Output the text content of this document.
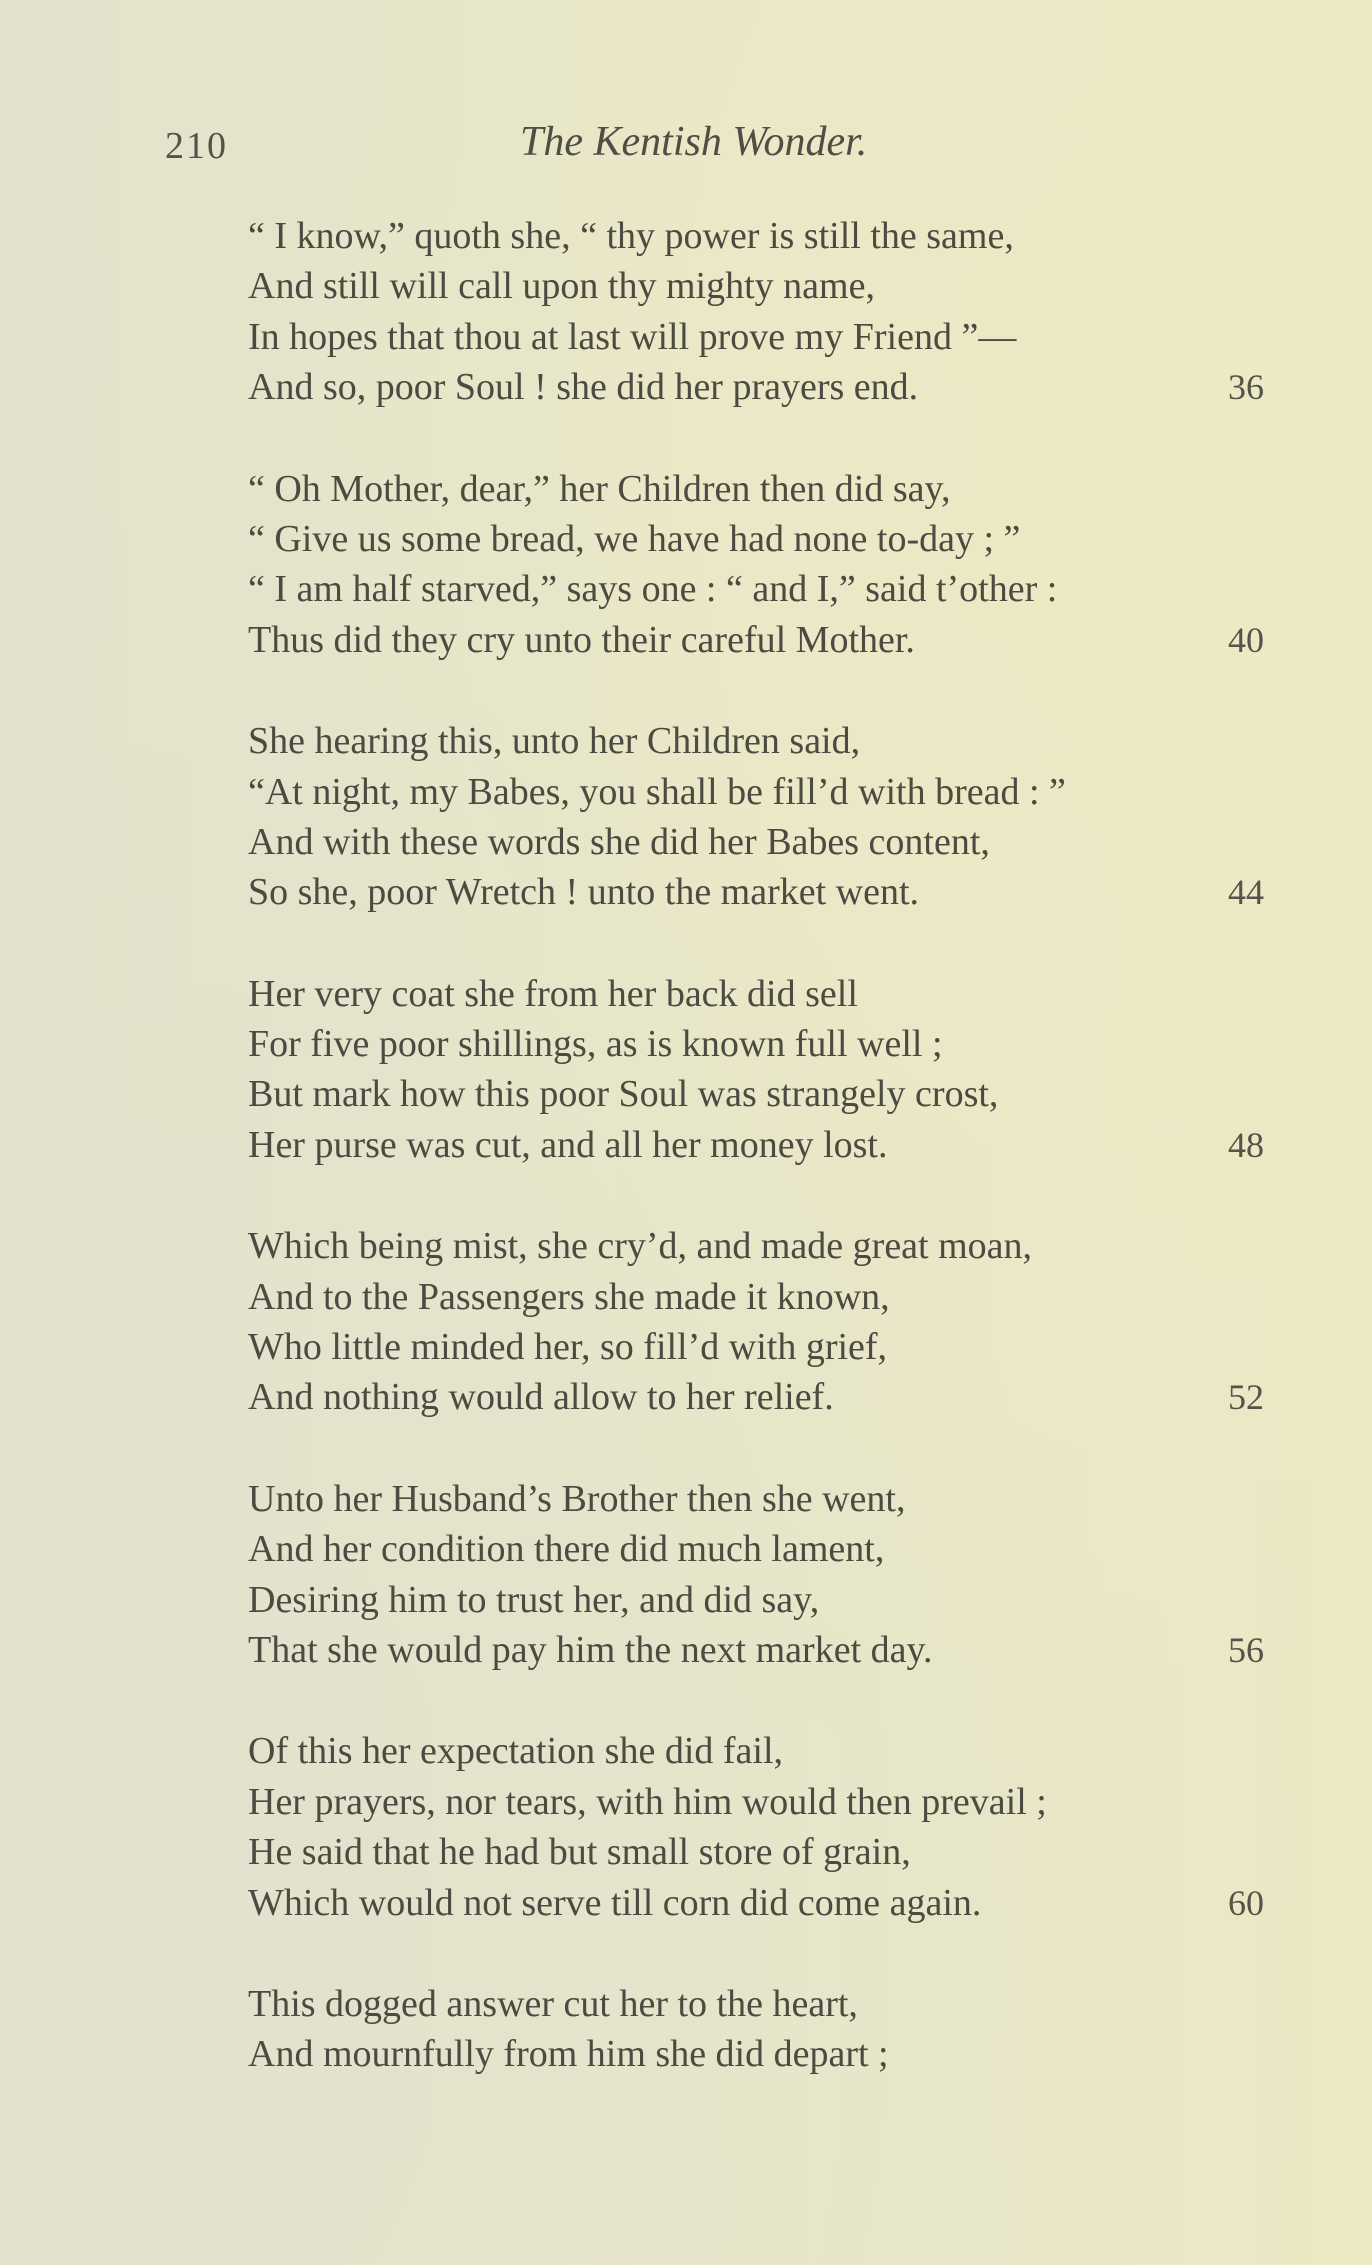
210	The Kentish Wonder.
“ I know,” quoth she, “ thy power is still the same,
And still will call upon thy mighty name,
In hopes that thou at last will prove my Friend ”—
And so, poor Soul ! she did her prayers end.	36
“ Oh Mother, dear,” her Children then did say,
“ Give us some bread, we have had none to-day ; ”
“ I am half starved,” says one : “ and I,” said t’other :
Thus did they cry unto their careful Mother.	40
She hearing this, unto her Children said,
“At night, my Babes, you shall be fill’d with bread : ”
And with these words she did her Babes content,
So she, poor Wretch ! unto the market went.	44
Her very coat she from her back did sell
For five poor shillings, as is known full well ;
But mark how this poor Soul was strangely crost,
Her purse was cut, and all her money lost.	48
Which being mist, she cry’d, and made great moan,
And to the Passengers she made it known,
Who little minded her, so fill’d with grief,
And nothing would allow to her relief.	52
Unto her Husband’s Brother then she went,
And her condition there did much lament,
Desiring him to trust her, and did say,
That she would pay him the next market day.	56
Of this her expectation she did fail,
Her prayers, nor tears, with him would then prevail ;
He said that he had but small store of grain,
Which would not serve till corn did come again.	60
This dogged answer cut her to the heart,
And mournfully from him she did depart ;
